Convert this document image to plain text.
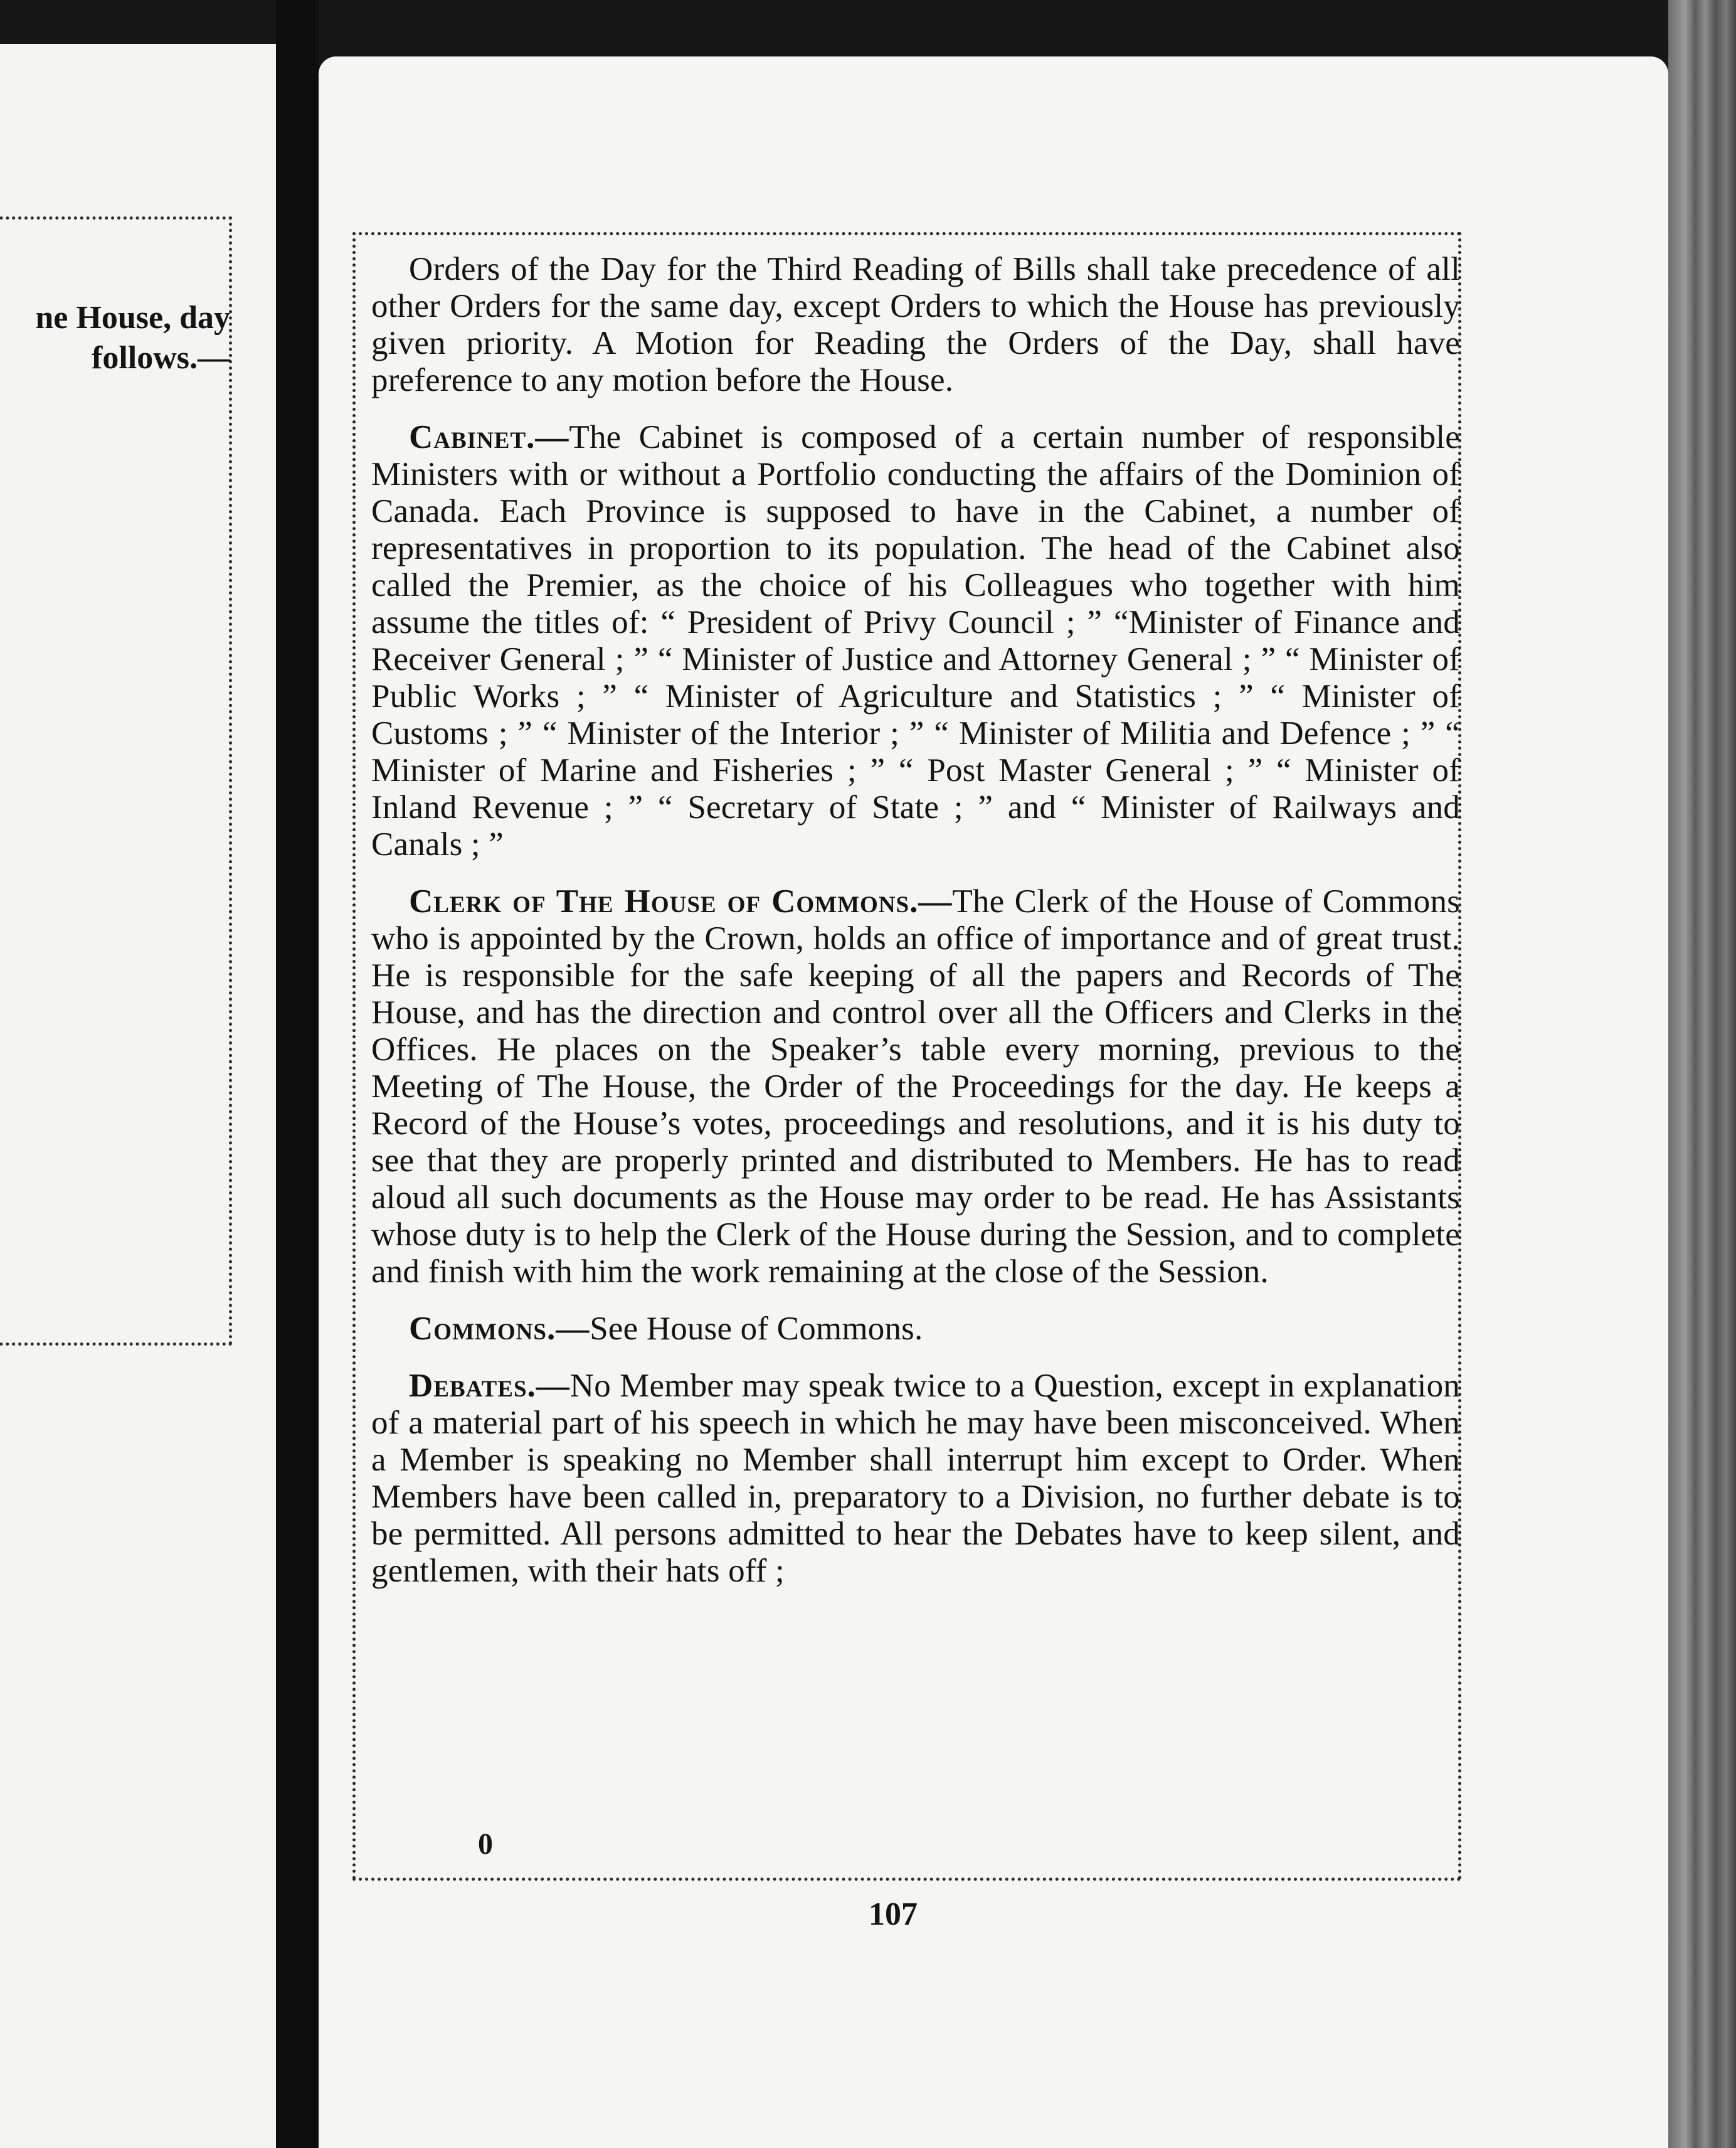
ne House, day
follows.—

Orders of the Day for the Third Reading of Bills shall take precedence of all other Orders for the same day, except Orders to which the House has previously given priority. A Motion for Reading the Orders of the Day, shall have preference to any motion before the House.

Cabinet.—The Cabinet is composed of a certain number of responsible Ministers with or without a Portfolio conducting the affairs of the Dominion of Canada. Each Province is supposed to have in the Cabinet, a number of representatives in proportion to its population. The head of the Cabinet also called the Premier, as the choice of his Colleagues who together with him assume the titles of: “ President of Privy Council ; ” “Minister of Finance and Receiver General ; ” “ Minister of Justice and Attorney General ; ” “ Minister of Public Works ; ” “ Minister of Agriculture and Statistics ; ” “ Minister of Customs ; ” “ Minister of the Interior ; ” “ Minister of Militia and Defence ; ” “ Minister of Marine and Fisheries ; ” “ Post Master General ; ” “ Minister of Inland Revenue ; ” “ Secretary of State ; ” and “ Minister of Railways and Canals ; ”

Clerk of The House of Commons.—The Clerk of the House of Commons who is appointed by the Crown, holds an office of importance and of great trust. He is responsible for the safe keeping of all the papers and Records of The House, and has the direction and control over all the Officers and Clerks in the Offices. He places on the Speaker’s table every morning, previous to the Meeting of The House, the Order of the Proceedings for the day. He keeps a Record of the House’s votes, proceedings and resolutions, and it is his duty to see that they are properly printed and distributed to Members. He has to read aloud all such documents as the House may order to be read. He has Assistants whose duty is to help the Clerk of the House during the Session, and to complete and finish with him the work remaining at the close of the Session.

Commons.—See House of Commons.

Debates.—No Member may speak twice to a Question, except in explanation of a material part of his speech in which he may have been misconceived. When a Member is speaking no Member shall interrupt him except to Order. When Members have been called in, preparatory to a Division, no further debate is to be permitted. All persons admitted to hear the Debates have to keep silent, and gentlemen, with their hats off ;

0
107
